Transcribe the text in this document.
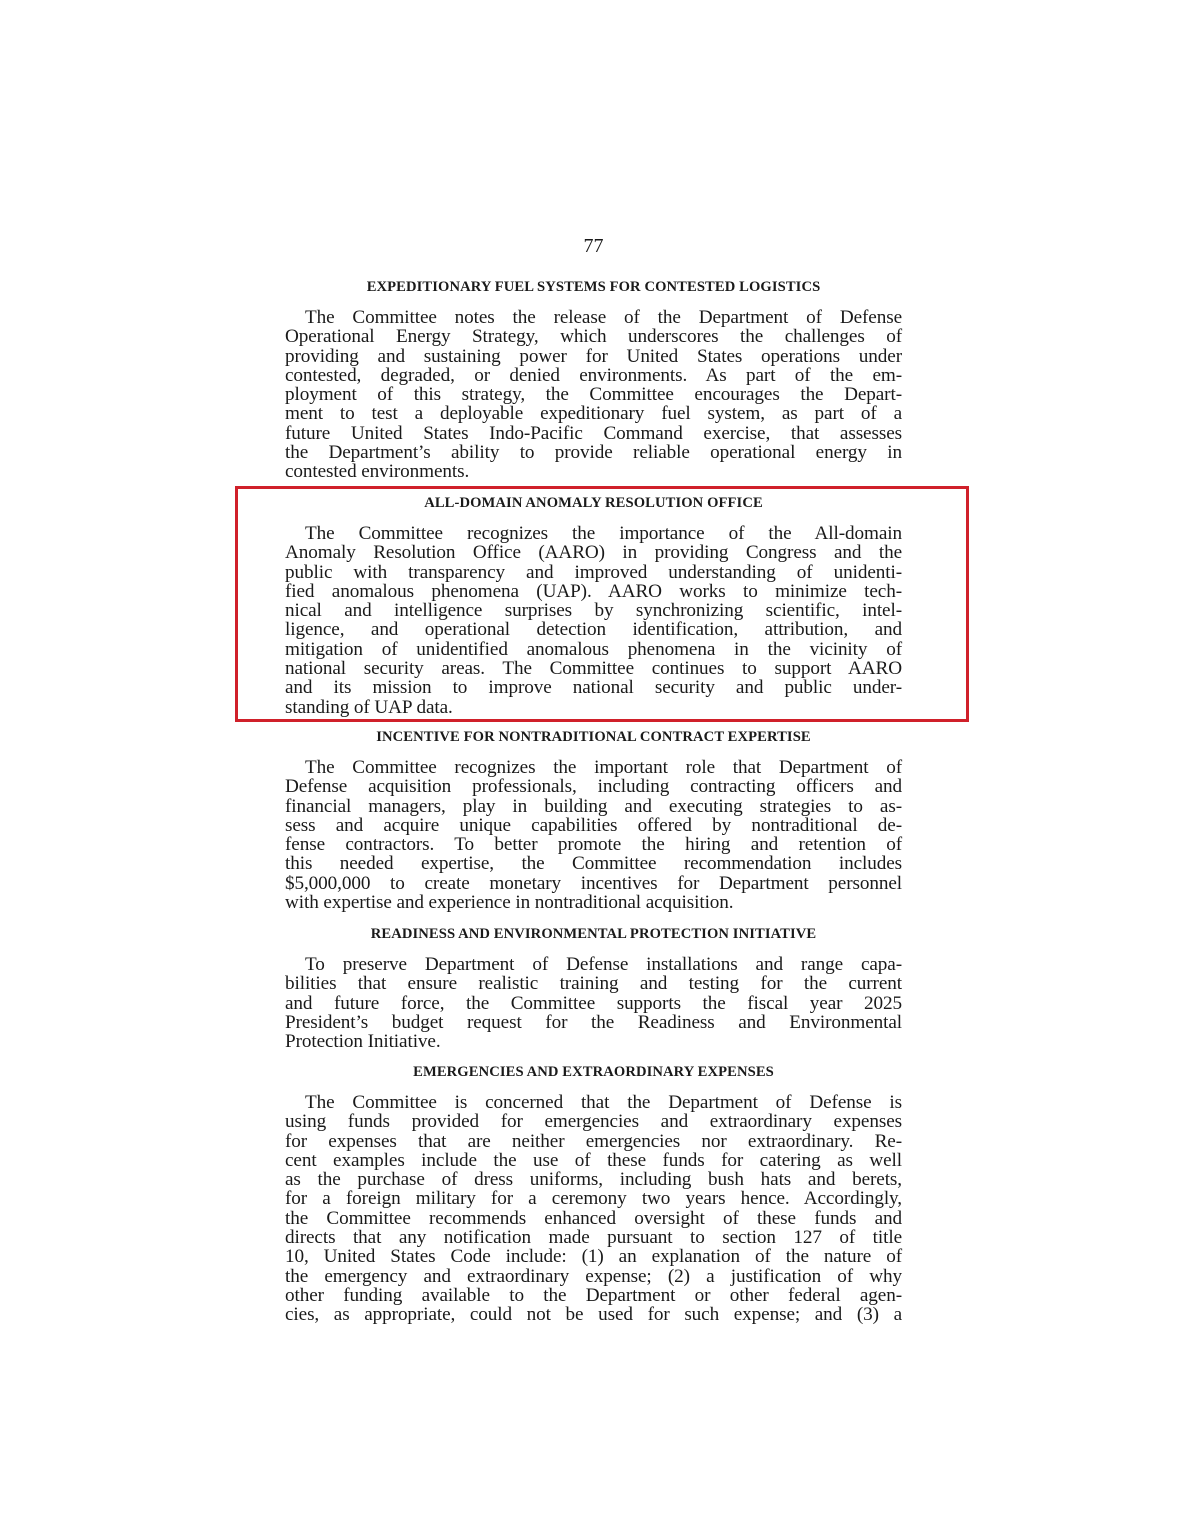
77
EXPEDITIONARY FUEL SYSTEMS FOR CONTESTED LOGISTICS
The Committee notes the release of the Department of Defense
Operational Energy Strategy, which underscores the challenges of
providing and sustaining power for United States operations under
contested, degraded, or denied environments. As part of the em-
ployment of this strategy, the Committee encourages the Depart-
ment to test a deployable expeditionary fuel system, as part of a
future United States Indo-Pacific Command exercise, that assesses
the Department’s ability to provide reliable operational energy in
contested environments.
ALL-DOMAIN ANOMALY RESOLUTION OFFICE
The Committee recognizes the importance of the All-domain
Anomaly Resolution Office (AARO) in providing Congress and the
public with transparency and improved understanding of unidenti-
fied anomalous phenomena (UAP). AARO works to minimize tech-
nical and intelligence surprises by synchronizing scientific, intel-
ligence, and operational detection identification, attribution, and
mitigation of unidentified anomalous phenomena in the vicinity of
national security areas. The Committee continues to support AARO
and its mission to improve national security and public under-
standing of UAP data.
INCENTIVE FOR NONTRADITIONAL CONTRACT EXPERTISE
The Committee recognizes the important role that Department of
Defense acquisition professionals, including contracting officers and
financial managers, play in building and executing strategies to as-
sess and acquire unique capabilities offered by nontraditional de-
fense contractors. To better promote the hiring and retention of
this needed expertise, the Committee recommendation includes
$5,000,000 to create monetary incentives for Department personnel
with expertise and experience in nontraditional acquisition.
READINESS AND ENVIRONMENTAL PROTECTION INITIATIVE
To preserve Department of Defense installations and range capa-
bilities that ensure realistic training and testing for the current
and future force, the Committee supports the fiscal year 2025
President’s budget request for the Readiness and Environmental
Protection Initiative.
EMERGENCIES AND EXTRAORDINARY EXPENSES
The Committee is concerned that the Department of Defense is
using funds provided for emergencies and extraordinary expenses
for expenses that are neither emergencies nor extraordinary. Re-
cent examples include the use of these funds for catering as well
as the purchase of dress uniforms, including bush hats and berets,
for a foreign military for a ceremony two years hence. Accordingly,
the Committee recommends enhanced oversight of these funds and
directs that any notification made pursuant to section 127 of title
10, United States Code include: (1) an explanation of the nature of
the emergency and extraordinary expense; (2) a justification of why
other funding available to the Department or other federal agen-
cies, as appropriate, could not be used for such expense; and (3) a
